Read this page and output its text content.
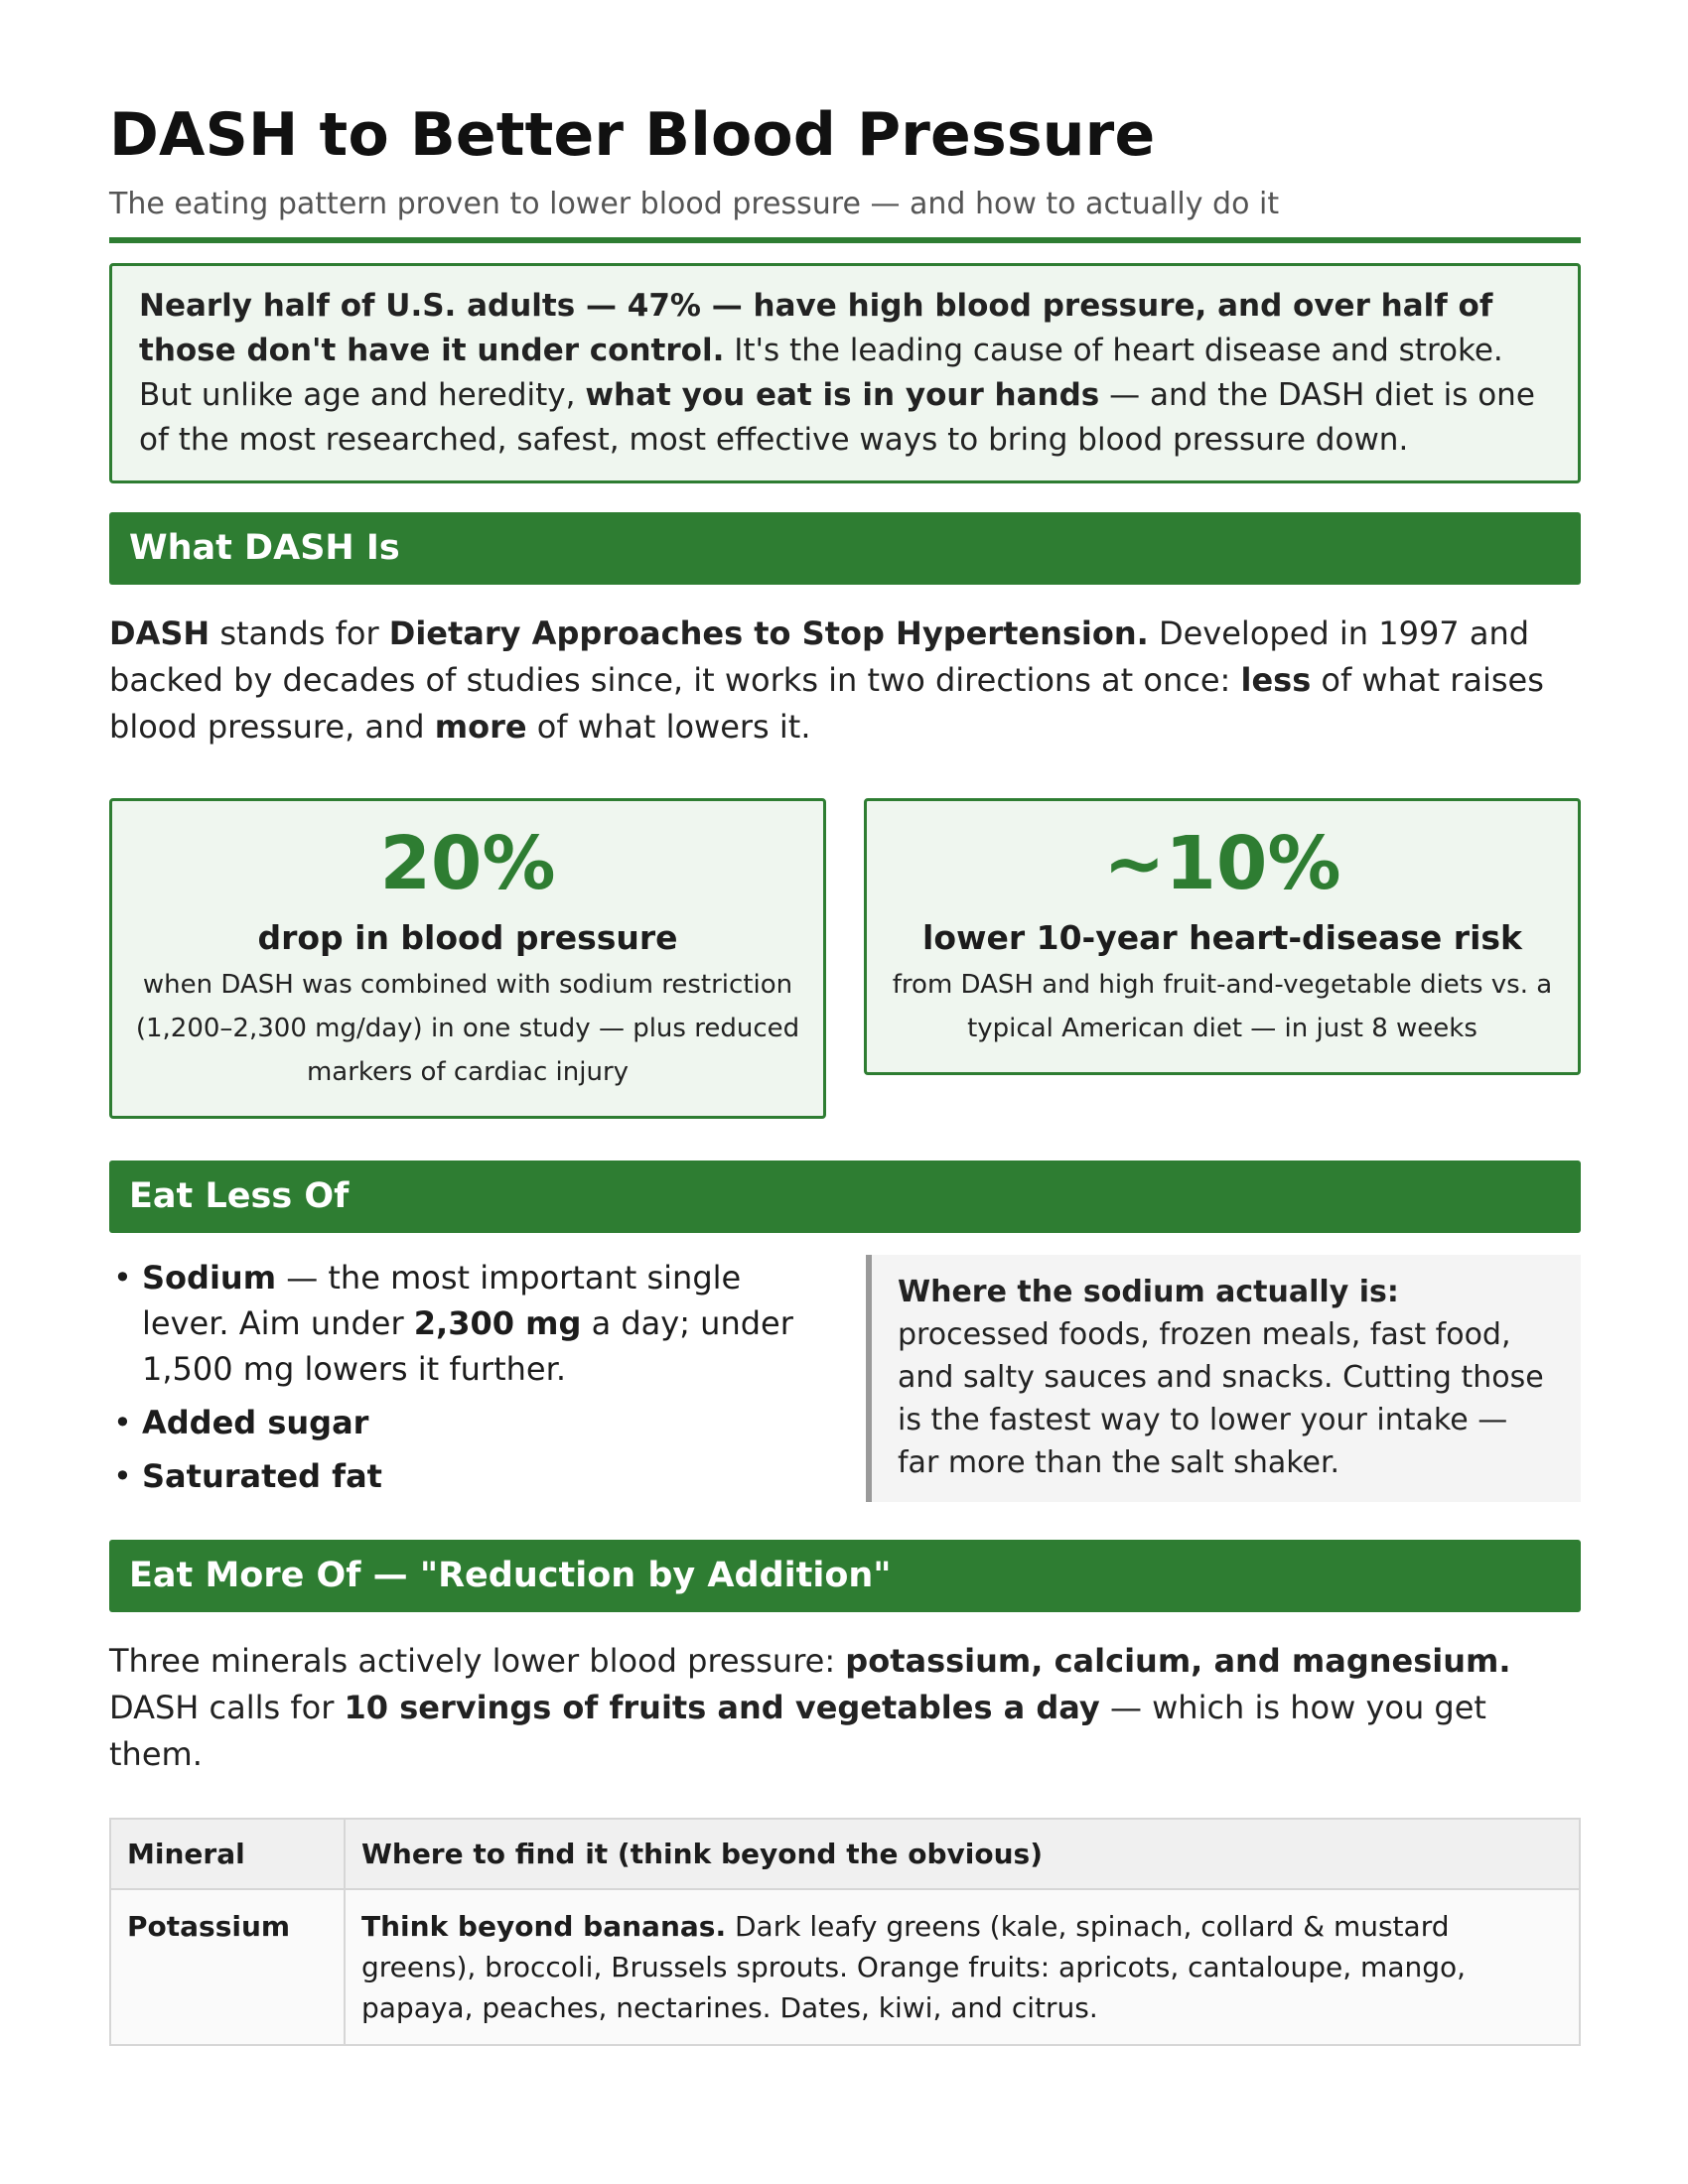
DASH to Better Blood Pressure
The eating pattern proven to lower blood pressure — and how to actually do it
Nearly half of U.S. adults — 47% — have high blood pressure, and over half of those don't have it under control. It's the leading cause of heart disease and stroke. But unlike age and heredity, what you eat is in your hands — and the DASH diet is one of the most researched, safest, most effective ways to bring blood pressure down.
What DASH Is
DASH stands for Dietary Approaches to Stop Hypertension. Developed in 1997 and backed by decades of studies since, it works in two directions at once: less of what raises blood pressure, and more of what lowers it.
20%
drop in blood pressure
when DASH was combined with sodium restriction (1,200–2,300 mg/day) in one study — plus reduced markers of cardiac injury
~10%
lower 10-year heart-disease risk
from DASH and high fruit-and-vegetable diets vs. a typical American diet — in just 8 weeks
Eat Less Of
• Sodium — the most important single lever. Aim under 2,300 mg a day; under 1,500 mg lowers it further.
• Added sugar
• Saturated fat
Where the sodium actually is: processed foods, frozen meals, fast food, and salty sauces and snacks. Cutting those is the fastest way to lower your intake — far more than the salt shaker.
Eat More Of — "Reduction by Addition"
Three minerals actively lower blood pressure: potassium, calcium, and magnesium. DASH calls for 10 servings of fruits and vegetables a day — which is how you get them.
Mineral	Where to find it (think beyond the obvious)
Potassium	Think beyond bananas. Dark leafy greens (kale, spinach, collard & mustard greens), broccoli, Brussels sprouts. Orange fruits: apricots, cantaloupe, mango, papaya, peaches, nectarines. Dates, kiwi, and citrus.
